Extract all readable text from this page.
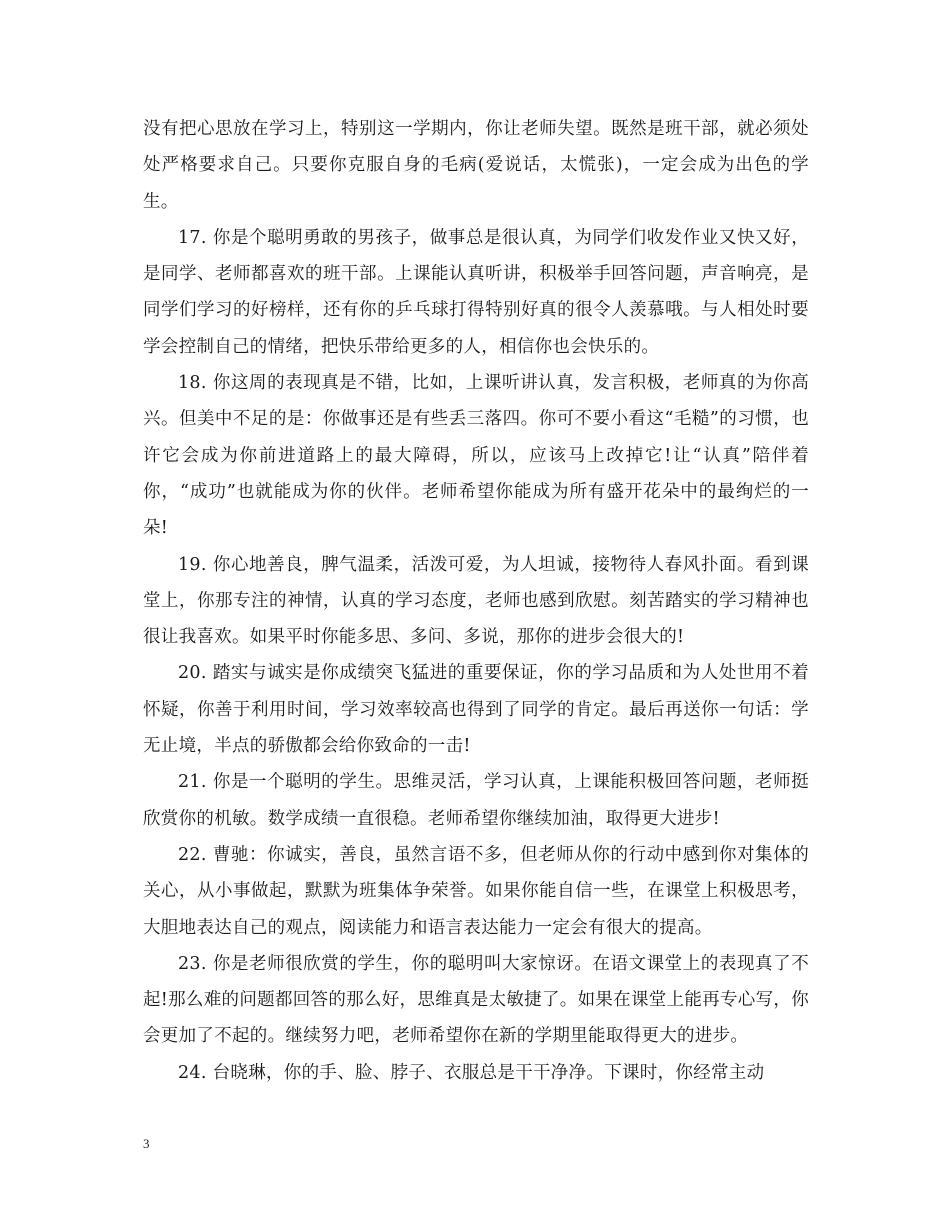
没有把心思放在学习上，特别这一学期内，你让老师失望。既然是班干部，就必须处处严格要求自己。只要你克服自身的毛病(爱说话，太慌张)，一定会成为出色的学生。

17. 你是个聪明勇敢的男孩子，做事总是很认真，为同学们收发作业又快又好，是同学、老师都喜欢的班干部。上课能认真听讲，积极举手回答问题，声音响亮，是同学们学习的好榜样，还有你的乒乓球打得特别好真的很令人羡慕哦。与人相处时要学会控制自己的情绪，把快乐带给更多的人，相信你也会快乐的。

18. 你这周的表现真是不错，比如，上课听讲认真，发言积极，老师真的为你高兴。但美中不足的是：你做事还是有些丢三落四。你可不要小看这“毛糙”的习惯，也许它会成为你前进道路上的最大障碍，所以，应该马上改掉它!让“认真”陪伴着你，“成功”也就能成为你的伙伴。老师希望你能成为所有盛开花朵中的最绚烂的一朵!

19. 你心地善良，脾气温柔，活泼可爱，为人坦诚，接物待人春风扑面。看到课堂上，你那专注的神情，认真的学习态度，老师也感到欣慰。刻苦踏实的学习精神也很让我喜欢。如果平时你能多思、多问、多说，那你的进步会很大的!

20. 踏实与诚实是你成绩突飞猛进的重要保证，你的学习品质和为人处世用不着怀疑，你善于利用时间，学习效率较高也得到了同学的肯定。最后再送你一句话：学无止境，半点的骄傲都会给你致命的一击!

21. 你是一个聪明的学生。思维灵活，学习认真，上课能积极回答问题，老师挺欣赏你的机敏。数学成绩一直很稳。老师希望你继续加油，取得更大进步!

22. 曹驰：你诚实，善良，虽然言语不多，但老师从你的行动中感到你对集体的关心，从小事做起，默默为班集体争荣誉。如果你能自信一些，在课堂上积极思考，大胆地表达自己的观点，阅读能力和语言表达能力一定会有很大的提高。

23. 你是老师很欣赏的学生，你的聪明叫大家惊讶。在语文课堂上的表现真了不起!那么难的问题都回答的那么好，思维真是太敏捷了。如果在课堂上能再专心写，你会更加了不起的。继续努力吧，老师希望你在新的学期里能取得更大的进步。

24. 台晓琳，你的手、脸、脖子、衣服总是干干净净。下课时，你经常主动

3
